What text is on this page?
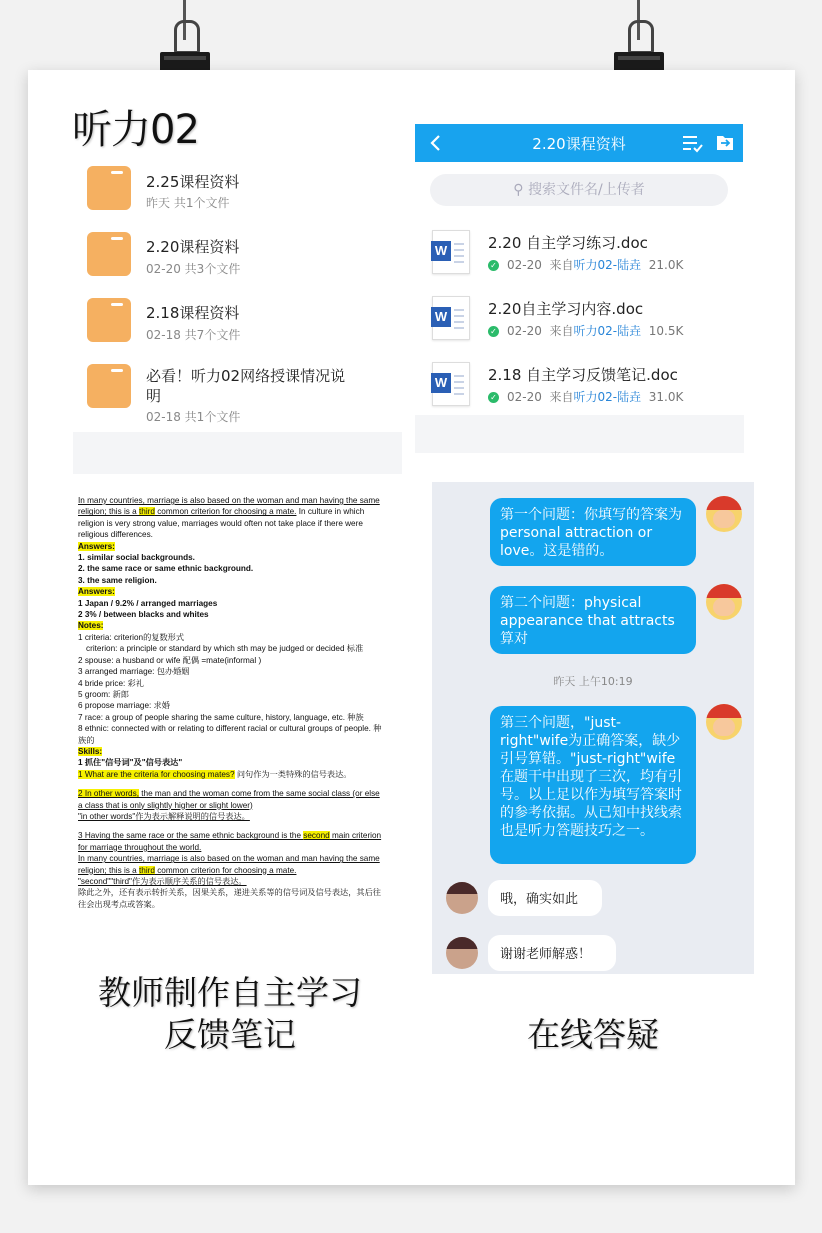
听力02
2.25课程资料
昨天 共1个文件
2.20课程资料
02-20 共3个文件
2.18课程资料
02-18 共7个文件
必看！听力02网络授课情况说明
02-18 共1个文件
2.20课程资料
⚲ 搜索文件名/上传者
W	2.20 自主学习练习.doc
✓ 02-20 来自听力02-陆垚 21.0K
W	2.20自主学习内容.doc
✓ 02-20 来自听力02-陆垚 10.5K
W	2.18 自主学习反馈笔记.doc
✓ 02-20 来自听力02-陆垚 31.0K

In many countries, marriage is also based on the woman and man having the same religion; this is a third common criterion for choosing a mate. In culture in which religion is very strong value, marriages would often not take place if there were religious differences.

Answers:

1. similar social backgrounds.

2. the same race or same ethnic background.

3. the same religion.

Answers:

1 Japan / 9.2% / arranged marriages

2 3% / between blacks and whites

Notes:

1 criteria: criterion的复数形式

criterion: a principle or standard by which sth may be judged or decided 标准

2 spouse: a husband or wife 配偶 =mate(informal )

3 arranged marriage: 包办婚姻

4 bride price: 彩礼

5 groom: 新郎

6 propose marriage: 求婚

7 race: a group of people sharing the same culture, history, language, etc. 种族

8 ethnic: connected with or relating to different racial or cultural groups of people. 种族的

Skills:

1 抓住"信号词"及"信号表达"

1 What are the criteria for choosing mates? 问句作为一类特殊的信号表达。

2 In other words, the man and the woman come from the same social class (or else a class that is only slightly higher or slight lower)

"in other words"作为表示解释说明的信号表达。

3 Having the same race or the same ethnic background is the second main criterion for marriage throughout the world.

In many countries, marriage is also based on the woman and man having the same religion; this is a third common criterion for choosing a mate.

"second""third"作为表示顺序关系的信号表达。

除此之外，还有表示转折关系，因果关系，递进关系等的信号词及信号表达，其后往往会出现考点或答案。

第一个问题：你填写的答案为personal attraction or love。这是错的。
第二个问题：physical appearance that attracts算对
昨天 上午10:19
第三个问题，"just-right"wife为正确答案，缺少引号算错。"just-right"wife在题干中出现了三次，均有引号。以上足以作为填写答案时的参考依据。从已知中找线索也是听力答题技巧之一。
哦，确实如此
谢谢老师解惑！
教师制作自主学习
反馈笔记	在线答疑
